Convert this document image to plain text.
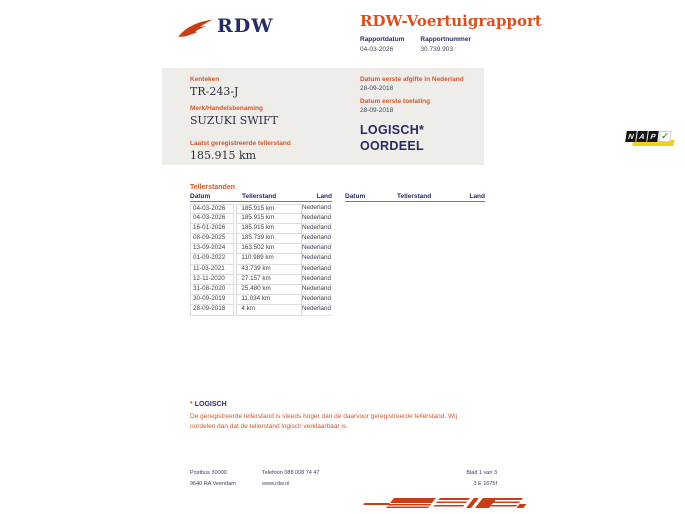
RDW	RDW-Voertuigrapport
Rapportdatum
04-03-2026
Rapportnummer
30.739.903
Kenteken
TR-243-J
Merk/Handelsbenaming
SUZUKI SWIFT
Laatst geregistreerde tellerstand
185.915 km
Datum eerste afgifte in Nederland
28-09-2018
Datum eerste toelating
28-09-2018
LOGISCH*
OORDEEL
N A P ✓
Tellerstanden
Datum	Tellerstand	Land Datum	Tellerstand	Land
04-03-2026	185.915 km	Nederland
04-03-2026	185.915 km	Nederland
16-01-2026	185.915 km	Nederland
08-09-2025	185.739 km	Nederland
13-09-2024	163.502 km	Nederland
01-09-2022	110.989 km	Nederland
11-03-2021	43.739 km	Nederland
12-11-2020	27.157 km	Nederland
31-08-2020	25.480 km	Nederland
30-09-2019	11.034 km	Nederland
28-09-2018	4 km	Nederland
* LOGISCH
De geregistreerde tellerstand is steeds hoger dan de daarvoor geregistreerde tellerstand. Wij oordelen dan dat de tellerstand logisch verklaarbaar is.
Postbus 30000
9640 RA Veendam
Telefoon 088 008 74 47
www.rdw.nl
Blad 1 van 3
3 E 1675f
